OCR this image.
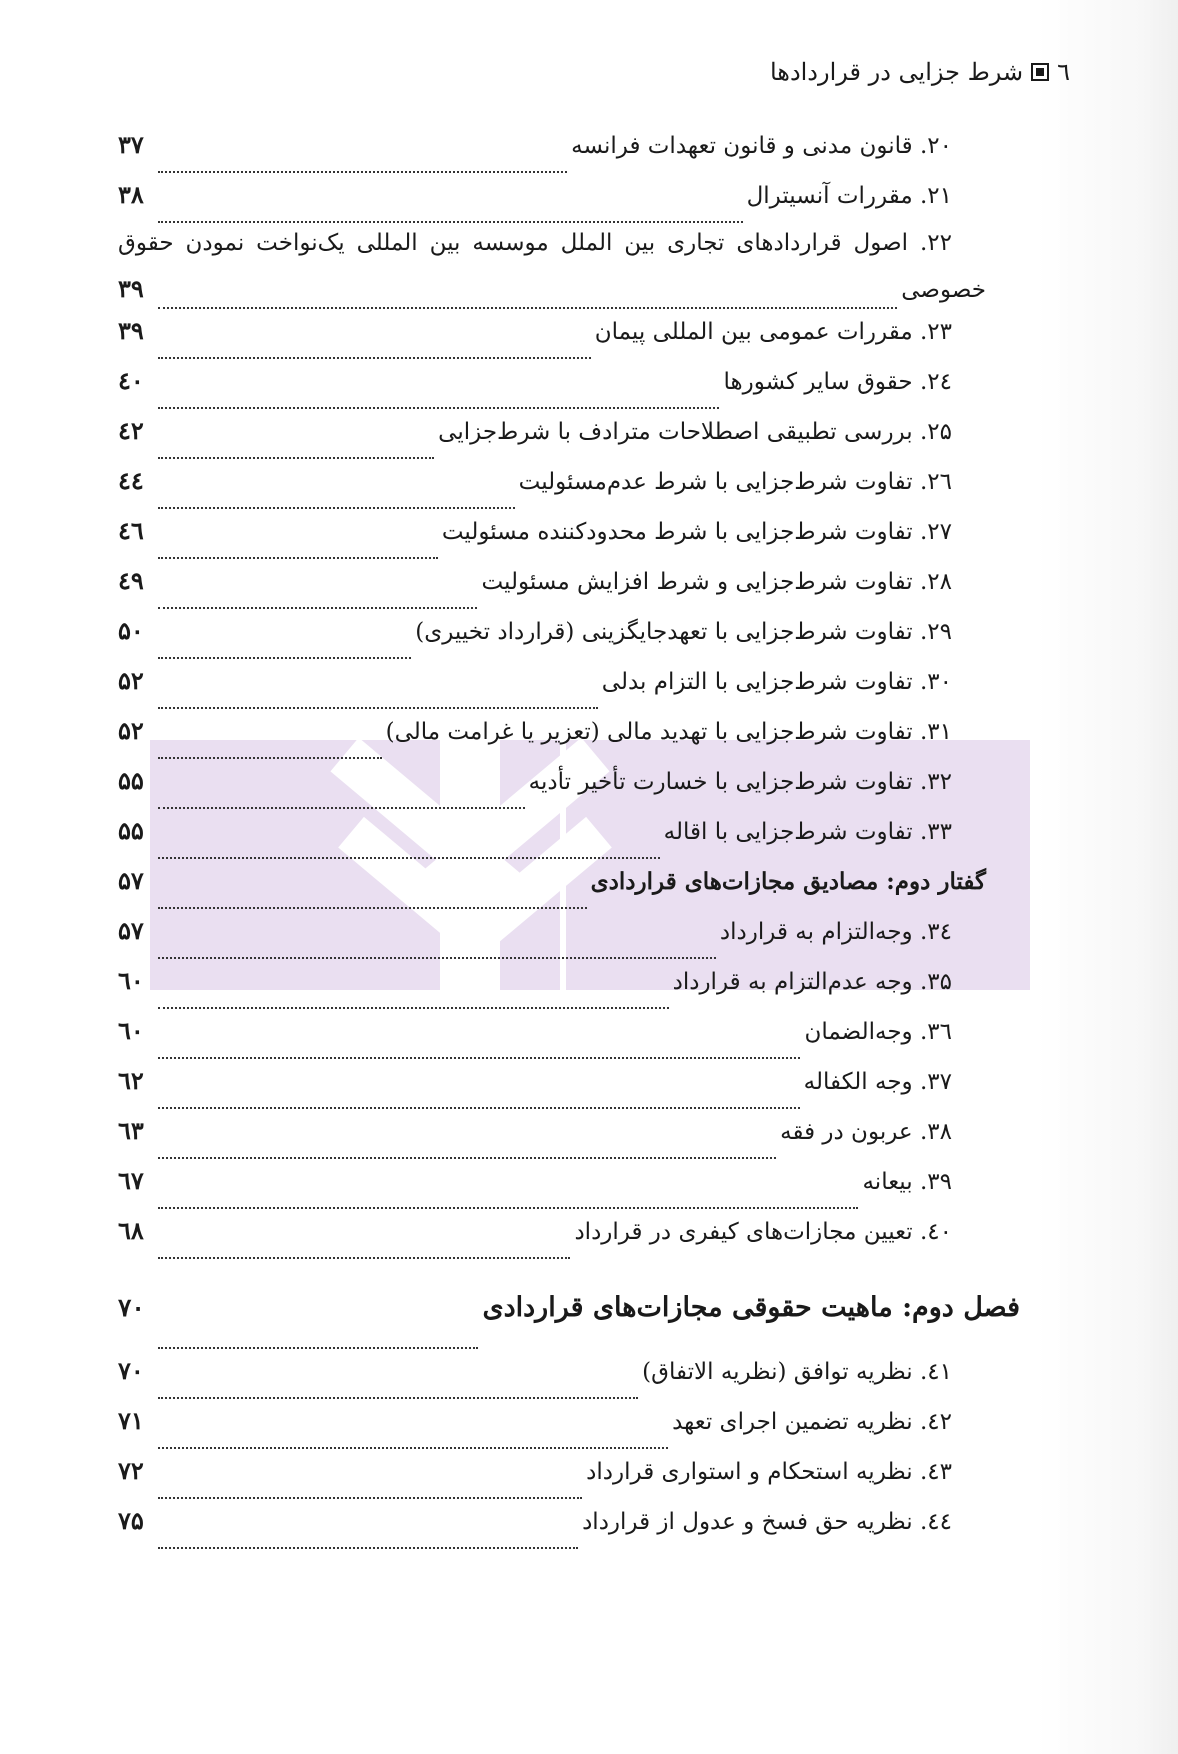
٦
شرط جزایی در قراردادها
۲۰. قانون مدنی و قانون تعهدات فرانسه
۳۷
۲۱. مقررات آنسیترال
۳۸
۲۲. اصول قراردادهای تجاری بین الملل موسسه بین المللی یک‌نواخت نمودن حقوق
خصوصی
۳۹
۲۳. مقررات عمومی بین المللی پیمان
۳۹
۲٤. حقوق سایر کشورها
٤۰
۲۵. بررسی تطبیقی اصطلاحات مترادف با شرط‌جزایی
٤۲
۲٦. تفاوت شرط‌جزایی با شرط عدم‌مسئولیت
٤٤
۲۷. تفاوت شرط‌جزایی با شرط محدودکننده مسئولیت
٤٦
۲۸. تفاوت شرط‌جزایی و شرط افزایش مسئولیت
٤۹
۲۹. تفاوت شرط‌جزایی با تعهدجایگزینی (قرارداد تخییری)
۵۰
۳۰. تفاوت شرط‌جزایی با التزام بدلی
۵۲
۳۱. تفاوت شرط‌جزایی با تهدید مالی (تعزیر یا غرامت مالی)
۵۲
۳۲. تفاوت شرط‌جزایی با خسارت تأخیر تأدیه
۵۵
۳۳. تفاوت شرط‌جزایی با اقاله
۵۵
گفتار دوم: مصادیق مجازات‌های قراردادی
۵۷
۳٤. وجه‌التزام به قرارداد
۵۷
۳۵. وجه عدم‌التزام به قرارداد
٦۰
۳٦. وجه‌الضمان
٦۰
۳۷. وجه الکفاله
٦۲
۳۸. عربون در فقه
٦۳
۳۹. بیعانه
٦۷
٤۰. تعیین مجازات‌های کیفری در قرارداد
٦۸
فصل دوم: ماهیت حقوقی مجازات‌های قراردادی
۷۰
٤۱. نظریه توافق (نظریه الاتفاق)
۷۰
٤۲. نظریه تضمین اجرای تعهد
۷۱
٤۳. نظریه استحکام و استواری قرارداد
۷۲
٤٤. نظریه حق فسخ و عدول از قرارداد
۷۵
